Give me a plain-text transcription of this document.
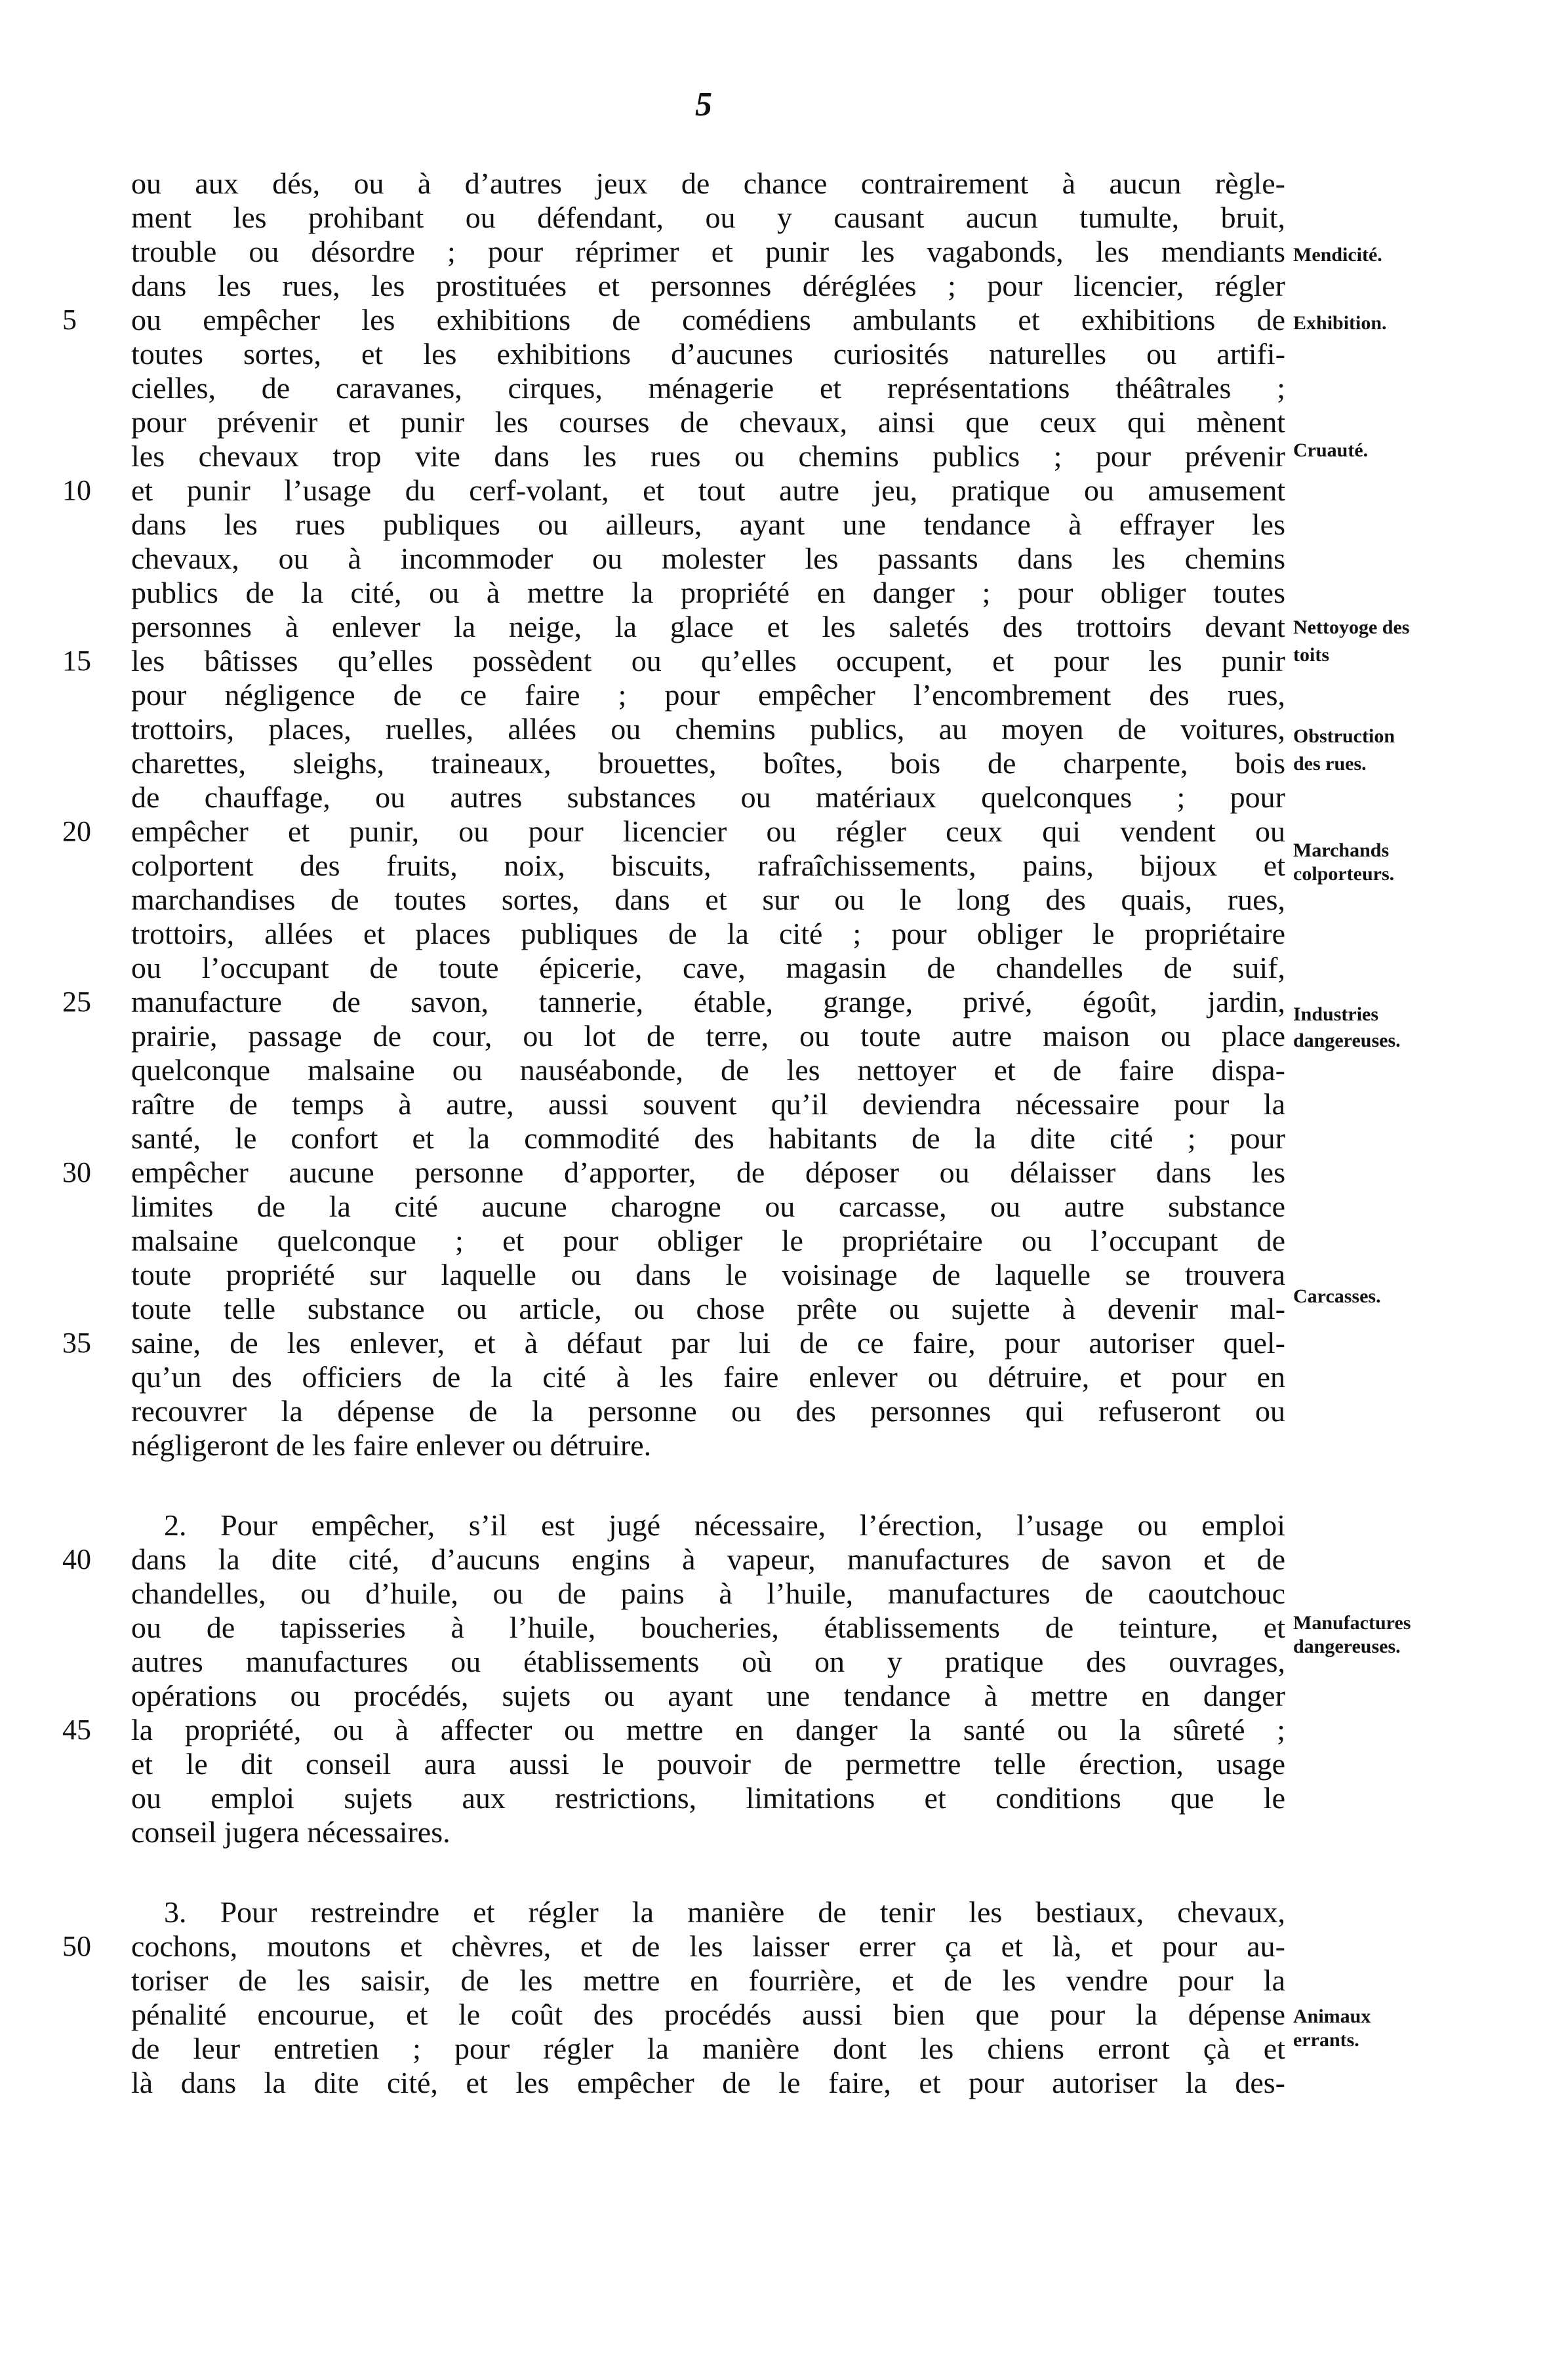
5
ou aux dés, ou à d’autres jeux de chance contrairement à aucun règle-
ment les prohibant ou défendant, ou y causant aucun tumulte, bruit,
trouble ou désordre ; pour réprimer et punir les vagabonds, les mendiants
dans les rues, les prostituées et personnes déréglées ; pour licencier, régler
ou empêcher les exhibitions de comédiens ambulants et exhibitions de
5
toutes sortes, et les exhibitions d’aucunes curiosités naturelles ou artifi-
cielles, de caravanes, cirques, ménagerie et représentations théâtrales ;
pour prévenir et punir les courses de chevaux, ainsi que ceux qui mènent
les chevaux trop vite dans les rues ou chemins publics ; pour prévenir
et punir l’usage du cerf-volant, et tout autre jeu, pratique ou amusement
10
dans les rues publiques ou ailleurs, ayant une tendance à effrayer les
chevaux, ou à incommoder ou molester les passants dans les chemins
publics de la cité, ou à mettre la propriété en danger ; pour obliger toutes
personnes à enlever la neige, la glace et les saletés des trottoirs devant
les bâtisses qu’elles possèdent ou qu’elles occupent, et pour les punir
15
pour négligence de ce faire ; pour empêcher l’encombrement des rues,
trottoirs, places, ruelles, allées ou chemins publics, au moyen de voitures,
charettes, sleighs, traineaux, brouettes, boîtes, bois de charpente, bois
de chauffage, ou autres substances ou matériaux quelconques ; pour
empêcher et punir, ou pour licencier ou régler ceux qui vendent ou
20
colportent des fruits, noix, biscuits, rafraîchissements, pains, bijoux et
marchandises de toutes sortes, dans et sur ou le long des quais, rues,
trottoirs, allées et places publiques de la cité ; pour obliger le propriétaire
ou l’occupant de toute épicerie, cave, magasin de chandelles de suif,
manufacture de savon, tannerie, étable, grange, privé, égoût, jardin,
25
prairie, passage de cour, ou lot de terre, ou toute autre maison ou place
quelconque malsaine ou nauséabonde, de les nettoyer et de faire dispa-
raître de temps à autre, aussi souvent qu’il deviendra nécessaire pour la
santé, le confort et la commodité des habitants de la dite cité ; pour
empêcher aucune personne d’apporter, de déposer ou délaisser dans les
30
limites de la cité aucune charogne ou carcasse, ou autre substance
malsaine quelconque ; et pour obliger le propriétaire ou l’occupant de
toute propriété sur laquelle ou dans le voisinage de laquelle se trouvera
toute telle substance ou article, ou chose prête ou sujette à devenir mal-
saine, de les enlever, et à défaut par lui de ce faire, pour autoriser quel-
35
qu’un des officiers de la cité à les faire enlever ou détruire, et pour en
recouvrer la dépense de la personne ou des personnes qui refuseront ou
négligeront de les faire enlever ou détruire.
2. Pour empêcher, s’il est jugé nécessaire, l’érection, l’usage ou emploi
dans la dite cité, d’aucuns engins à vapeur, manufactures de savon et de
40
chandelles, ou d’huile, ou de pains à l’huile, manufactures de caoutchouc
ou de tapisseries à l’huile, boucheries, établissements de teinture, et
autres manufactures ou établissements où on y pratique des ouvrages,
opérations ou procédés, sujets ou ayant une tendance à mettre en danger
la propriété, ou à affecter ou mettre en danger la santé ou la sûreté ;
45
et le dit conseil aura aussi le pouvoir de permettre telle érection, usage
ou emploi sujets aux restrictions, limitations et conditions que le
conseil jugera nécessaires.
3. Pour restreindre et régler la manière de tenir les bestiaux, chevaux,
cochons, moutons et chèvres, et de les laisser errer ça et là, et pour au-
50
toriser de les saisir, de les mettre en fourrière, et de les vendre pour la
pénalité encourue, et le coût des procédés aussi bien que pour la dépense
de leur entretien ; pour régler la manière dont les chiens erront çà et
là dans la dite cité, et les empêcher de le faire, et pour autoriser la des-
Mendicité.
Exhibition.
Cruauté.
Nettoyoge des
toits
Obstruction
des rues.
Marchands
colporteurs.
Industries
dangereuses.
Carcasses.
Manufactures
dangereuses.
Animaux
errants.
